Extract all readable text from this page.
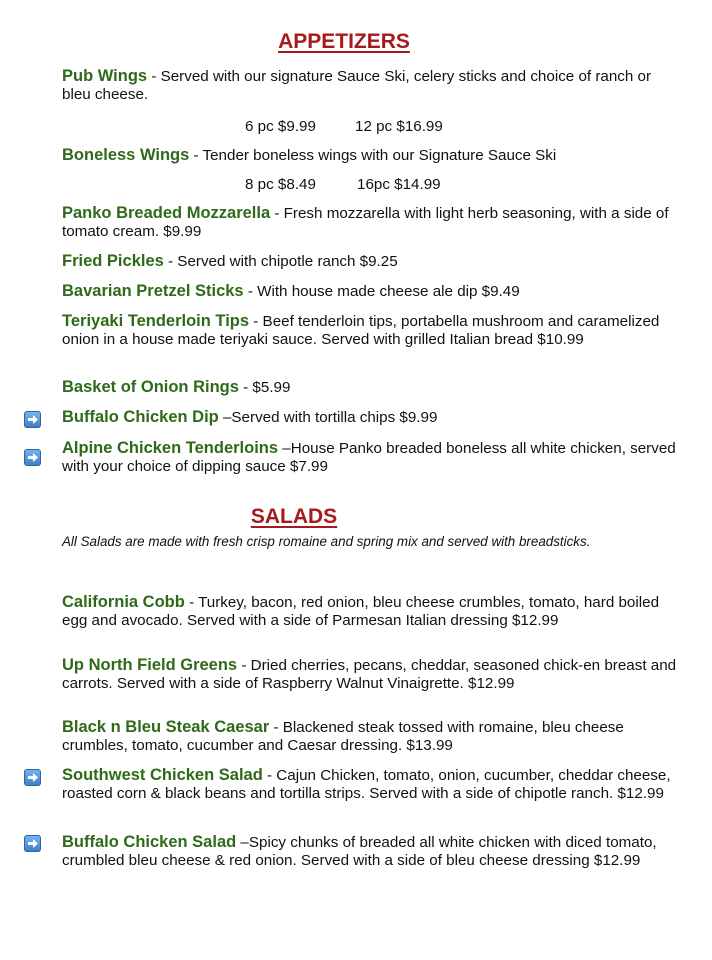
APPETIZERS
Pub Wings - Served with our signature Sauce Ski, celery sticks and choice of ranch or bleu cheese.
6 pc $9.99	12 pc $16.99
Boneless Wings - Tender boneless wings with our Signature Sauce Ski
8 pc $8.49	16pc $14.99
Panko Breaded Mozzarella - Fresh mozzarella with light herb seasoning, with a side of tomato cream. $9.99
Fried Pickles - Served with chipotle ranch $9.25
Bavarian Pretzel Sticks - With house made cheese ale dip $9.49
Teriyaki Tenderloin Tips - Beef tenderloin tips, portabella mushroom and caramelized onion in a house made teriyaki sauce. Served with grilled Italian bread $10.99
Basket of Onion Rings - $5.99
Buffalo Chicken Dip –Served with tortilla chips $9.99
Alpine Chicken Tenderloins –House Panko breaded boneless all white chicken, served with your choice of dipping sauce $7.99
SALADS
All Salads are made with fresh crisp romaine and spring mix and served with breadsticks.
California Cobb - Turkey, bacon, red onion, bleu cheese crumbles, tomato, hard boiled egg and avocado. Served with a side of Parmesan Italian dressing $12.99
Up North Field Greens - Dried cherries, pecans, cheddar, seasoned chick-en breast and carrots. Served with a side of Raspberry Walnut Vinaigrette. $12.99
Black n Bleu Steak Caesar - Blackened steak tossed with romaine, bleu cheese crumbles, tomato, cucumber and Caesar dressing. $13.99
Southwest Chicken Salad - Cajun Chicken, tomato, onion, cucumber, cheddar cheese, roasted corn & black beans and tortilla strips. Served with a side of chipotle ranch. $12.99
Buffalo Chicken Salad –Spicy chunks of breaded all white chicken with diced tomato, crumbled bleu cheese & red onion. Served with a side of bleu cheese dressing $12.99
